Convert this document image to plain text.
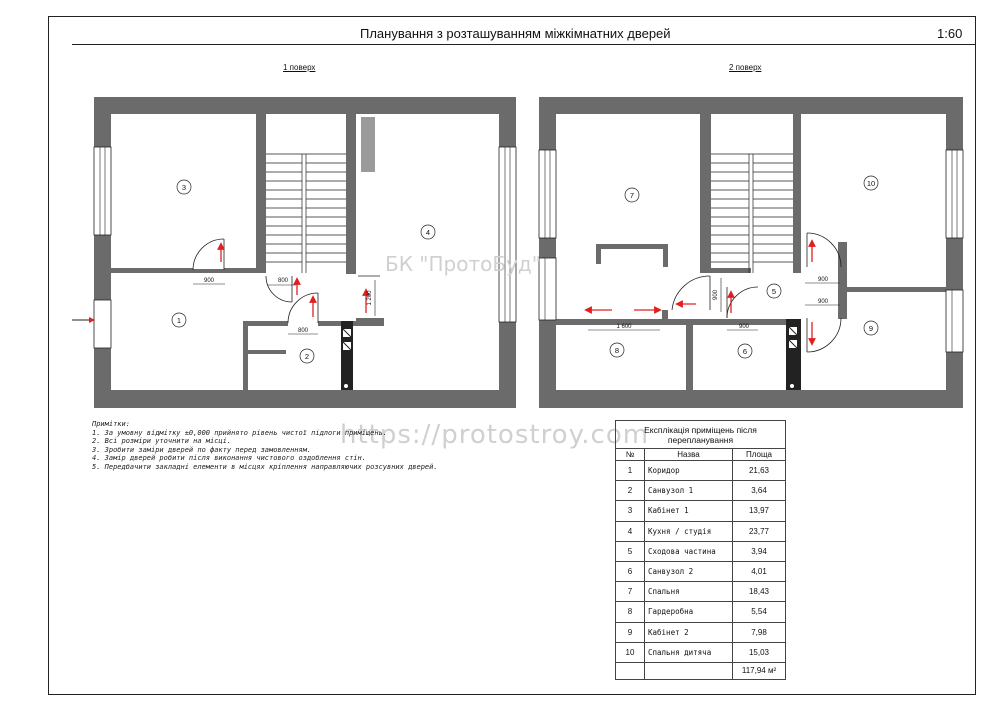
Планування з розташуванням міжкімнатних дверей	1:60
1 поверх	2 поверх
1
2
3
4
5
6
7
8
9
10
900	800
800
1 200	900
1 600	900
900
900
БК "ПротоБуд"
https://protostroy.com
Примітки:
1. За умовну відмітку ±0,000 прийнято рівень чистої підлоги приміщень.
2. Всі розміри уточнити на місці.
3. Зробити заміри дверей по факту перед замовленням.
4. Замір дверей робити після виконання чистового оздоблення стін.
5. Передбачити закладні елементи в місцях кріплення направляючих розсувних дверей.
Експлікація приміщень після перепланування		
№	Назва	Площа
1	Коридор	21,63
2	Санвузол 1	3,64
3	Кабінет 1	13,97
4	Кухня / студія	23,77
5	Сходова частина	3,94
6	Санвузол 2	4,01
7	Спальня	18,43
8	Гардеробна	5,54
9	Кабінет 2	7,98
10	Спальня дитяча	15,03
		117,94 м²
